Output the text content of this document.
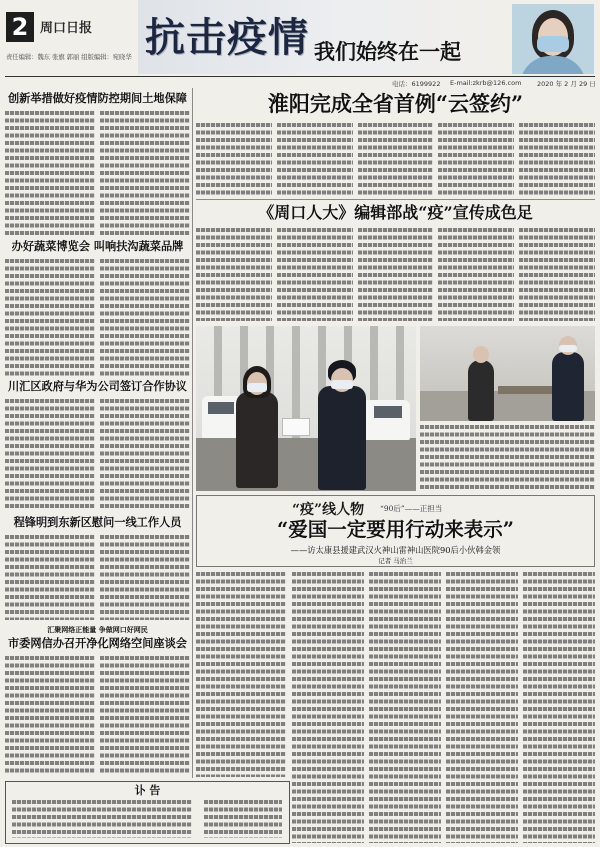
2 周口日报
责任编辑：魏东 张旗 郭丽 组版编辑：宛晓华 抗击疫情 我们始终在一起
电话：6199922 E-mail:zkrb@126.com 2020 年 2 月 29 日
创新举措做好疫情防控期间土地保障
办好蔬菜博览会 叫响扶沟蔬菜品牌
川汇区政府与华为公司签订合作协议
程锋明到东新区慰问一线工作人员
汇聚网络正能量 争做网口好网民
市委网信办召开净化网络空间座谈会
讣 告
淮阳完成全省首例“云签约”
《周口人大》编辑部战“疫”宣传成色足
“疫”线人物 “90后”——正担当
“爱国一定要用行动来表示”
——访太康县援建武汉火神山雷神山医院90后小伙韩金领
记者 马治兰
